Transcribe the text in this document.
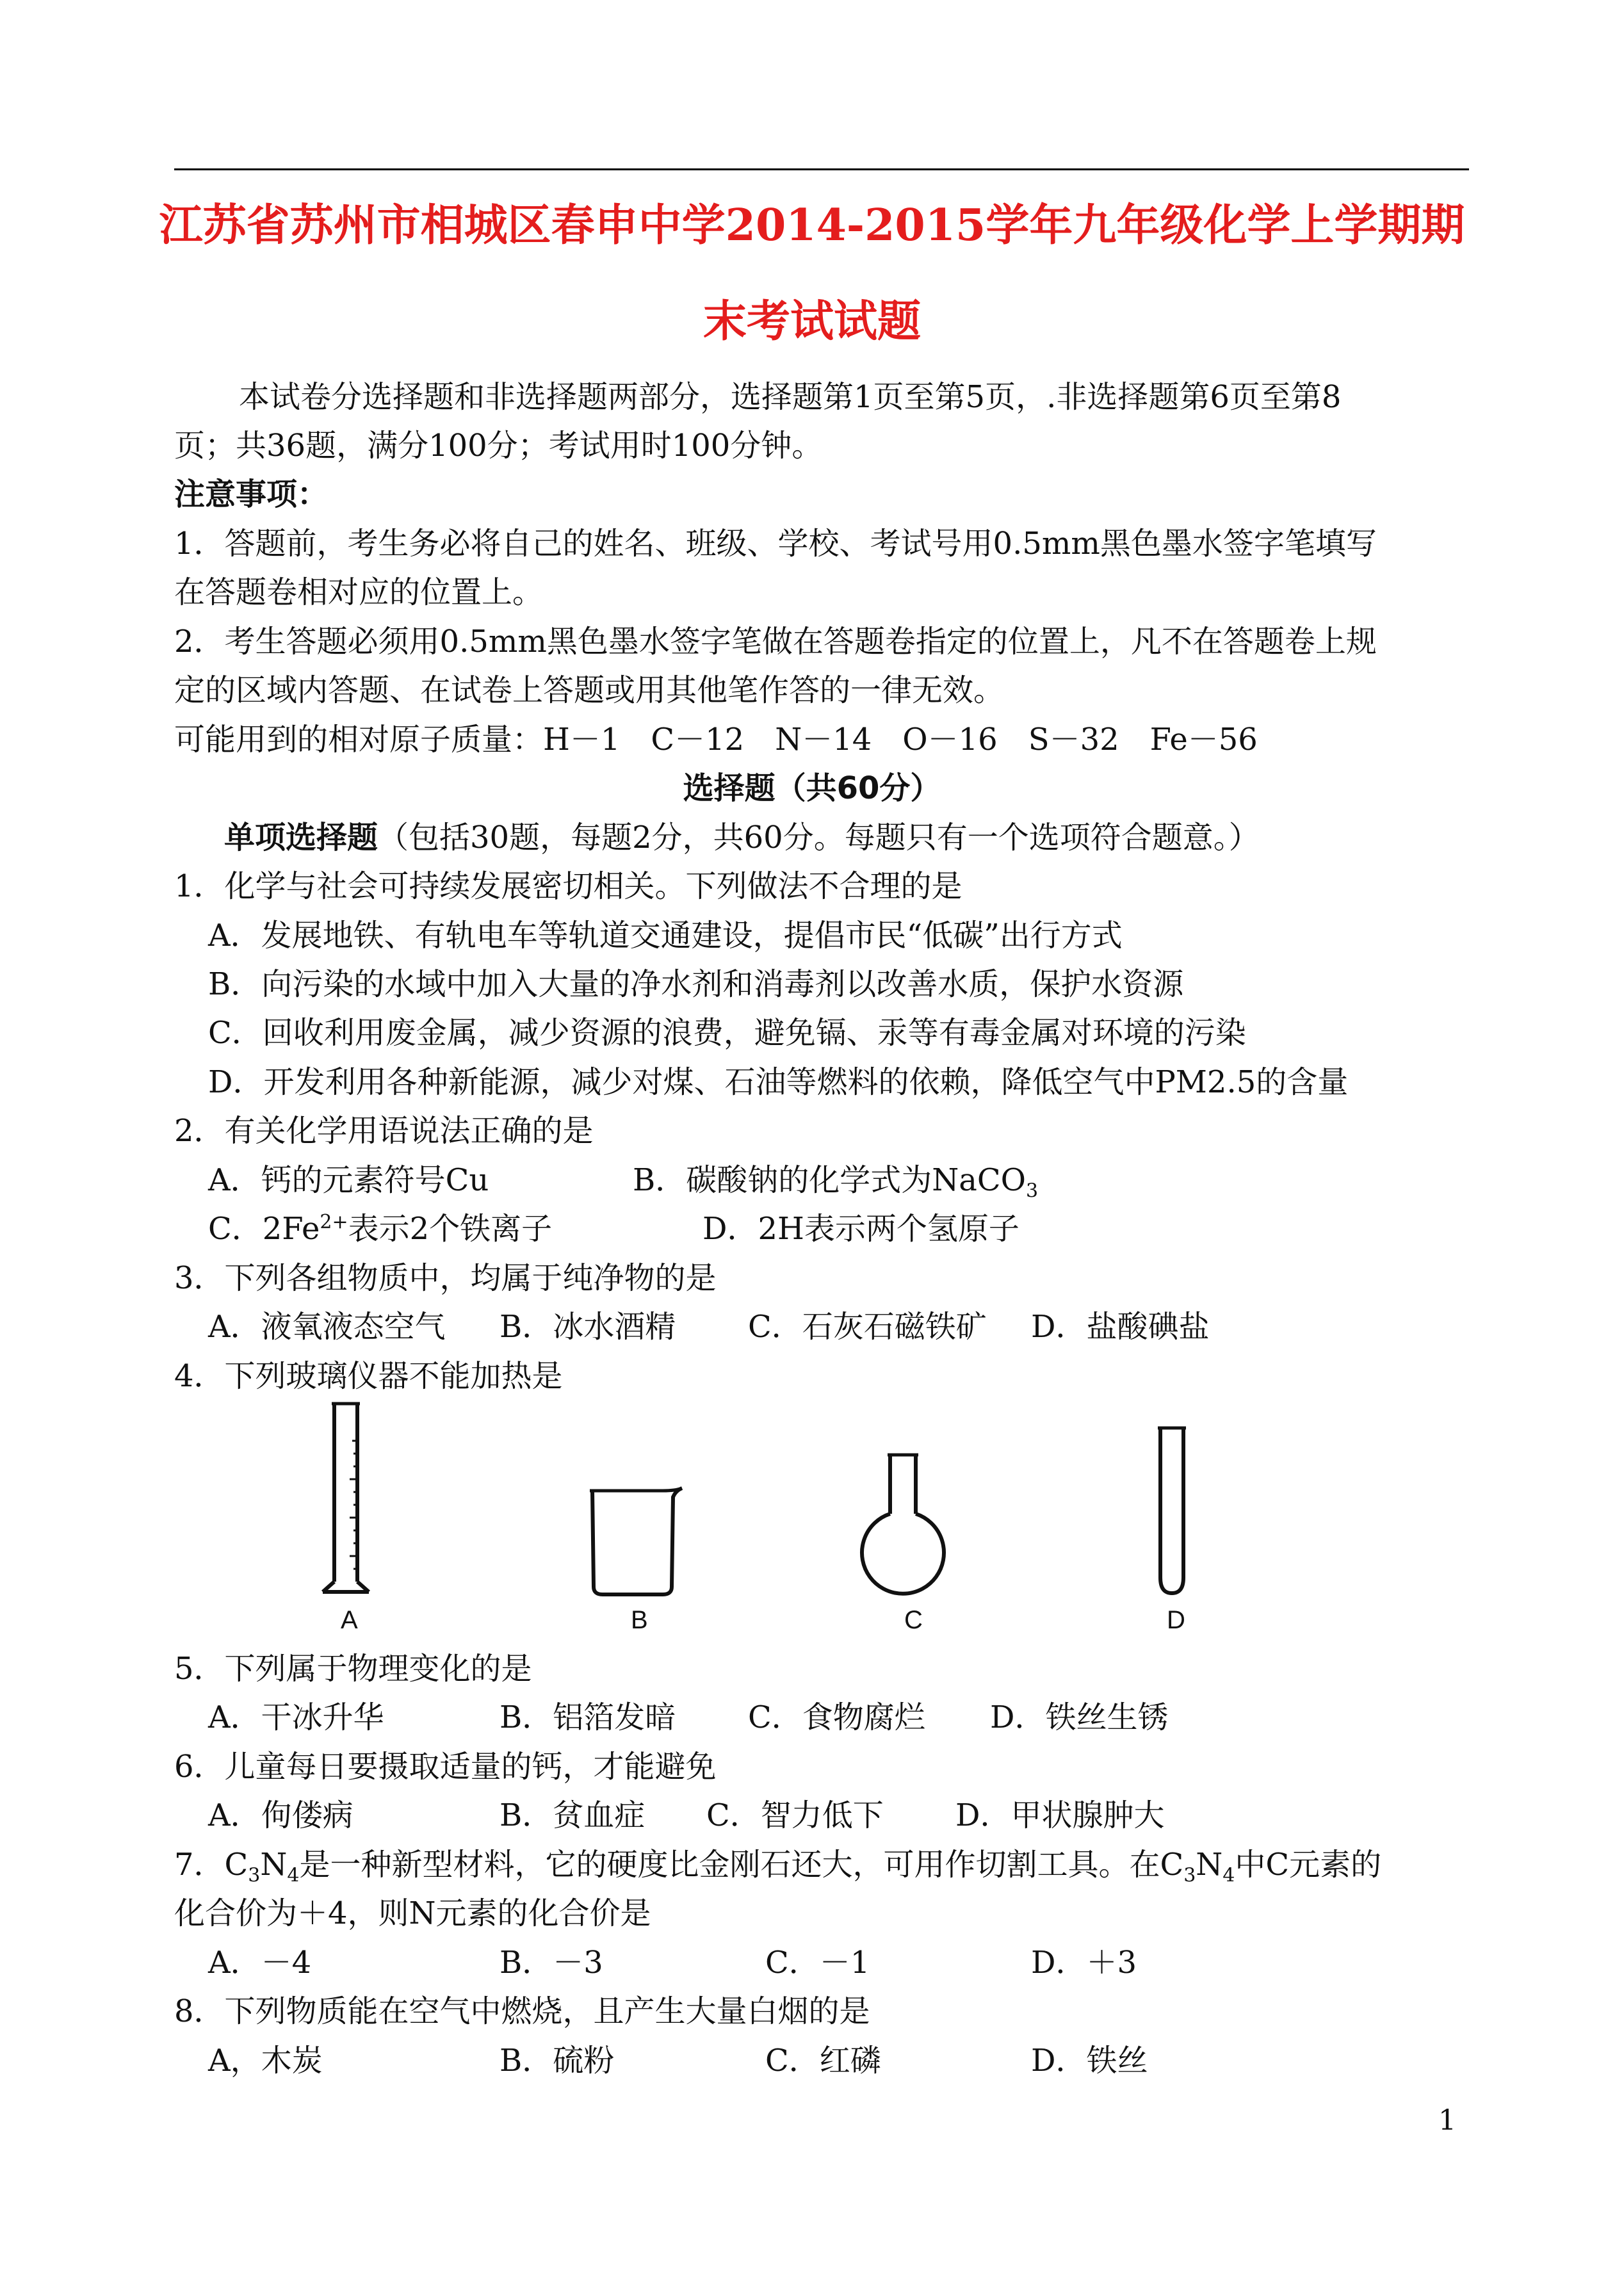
江苏省苏州市相城区春申中学2014-2015学年九年级化学上学期期
末考试试题
本试卷分选择题和非选择题两部分，选择题第1页至第5页，.非选择题第6页至第8
页；共36题，满分100分；考试用时100分钟。
注意事项：
1．答题前，考生务必将自己的姓名、班级、学校、考试号用0.5mm黑色墨水签字笔填写
在答题卷相对应的位置上。
2．考生答题必须用0.5mm黑色墨水签字笔做在答题卷指定的位置上，凡不在答题卷上规
定的区域内答题、在试卷上答题或用其他笔作答的一律无效。
可能用到的相对原子质量：H－1　C－12　N－14　O－16　S－32　Fe－56
选择题（共60分）
单项选择题（包括30题，每题2分，共60分。每题只有一个选项符合题意。）
1．化学与社会可持续发展密切相关。下列做法不合理的是
A．发展地铁、有轨电车等轨道交通建设，提倡市民“低碳”出行方式
B．向污染的水域中加入大量的净水剂和消毒剂以改善水质，保护水资源
C．回收利用废金属，减少资源的浪费，避免镉、汞等有毒金属对环境的污染
D．开发利用各种新能源，减少对煤、石油等燃料的依赖，降低空气中PM2.5的含量
2．有关化学用语说法正确的是
A．钙的元素符号Cu	B．碳酸钠的化学式为NaCO$_3$
C．$2Fe^{2+}$表示2个铁离子	D．2H表示两个氢原子
3．下列各组物质中，均属于纯净物的是
A．液氧液态空气 B．冰水酒精 C．石灰石磁铁矿 D．盐酸碘盐
4．下列玻璃仪器不能加热是
A	B	C	D
5．下列属于物理变化的是
A．干冰升华	B．铝箔发暗 C．食物腐烂 D．铁丝生锈
6．儿童每日要摄取适量的钙，才能避免
A．佝偻病	B．贫血症 C．智力低下 D．甲状腺肿大
7．$C_3N_4$是一种新型材料，它的硬度比金刚石还大，可用作切割工具。在$C_3N_4$中C元素的
化合价为＋4，则N元素的化合价是
A．－4	B．－3	C．－1	D．＋3
8．下列物质能在空气中燃烧，且产生大量白烟的是
A，木炭	B．硫粉	C．红磷	D．铁丝
1
